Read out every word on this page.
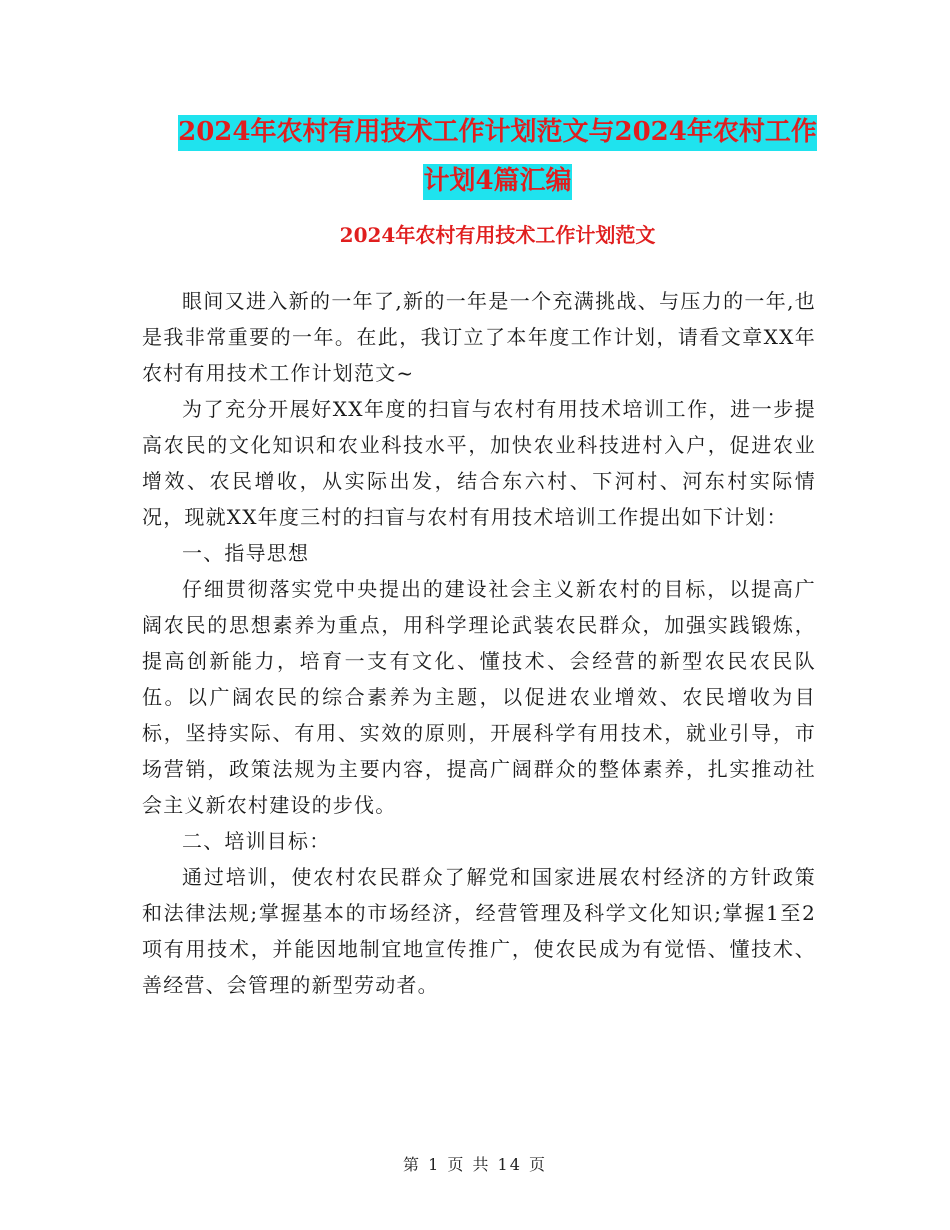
2024年农村有用技术工作计划范文与2024年农村工作
计划4篇汇编
2024年农村有用技术工作计划范文

眼间又进入新的一年了,新的一年是一个充满挑战、与压力的一年,也是我非常重要的一年。在此，我订立了本年度工作计划，请看文章XX年农村有用技术工作计划范文~

为了充分开展好XX年度的扫盲与农村有用技术培训工作，进一步提高农民的文化知识和农业科技水平，加快农业科技进村入户，促进农业增效、农民增收，从实际出发，结合东六村、下河村、河东村实际情况，现就XX年度三村的扫盲与农村有用技术培训工作提出如下计划：

一、指导思想

仔细贯彻落实党中央提出的建设社会主义新农村的目标，以提高广阔农民的思想素养为重点，用科学理论武装农民群众，加强实践锻炼，提高创新能力，培育一支有文化、懂技术、会经营的新型农民农民队伍。以广阔农民的综合素养为主题，以促进农业增效、农民增收为目标，坚持实际、有用、实效的原则，开展科学有用技术，就业引导，市场营销，政策法规为主要内容，提高广阔群众的整体素养，扎实推动社会主义新农村建设的步伐。

二、培训目标：

通过培训，使农村农民群众了解党和国家进展农村经济的方针政策和法律法规;掌握基本的市场经济，经营管理及科学文化知识;掌握1至2项有用技术，并能因地制宜地宣传推广，使农民成为有觉悟、懂技术、善经营、会管理的新型劳动者。

第 1 页 共 14 页
